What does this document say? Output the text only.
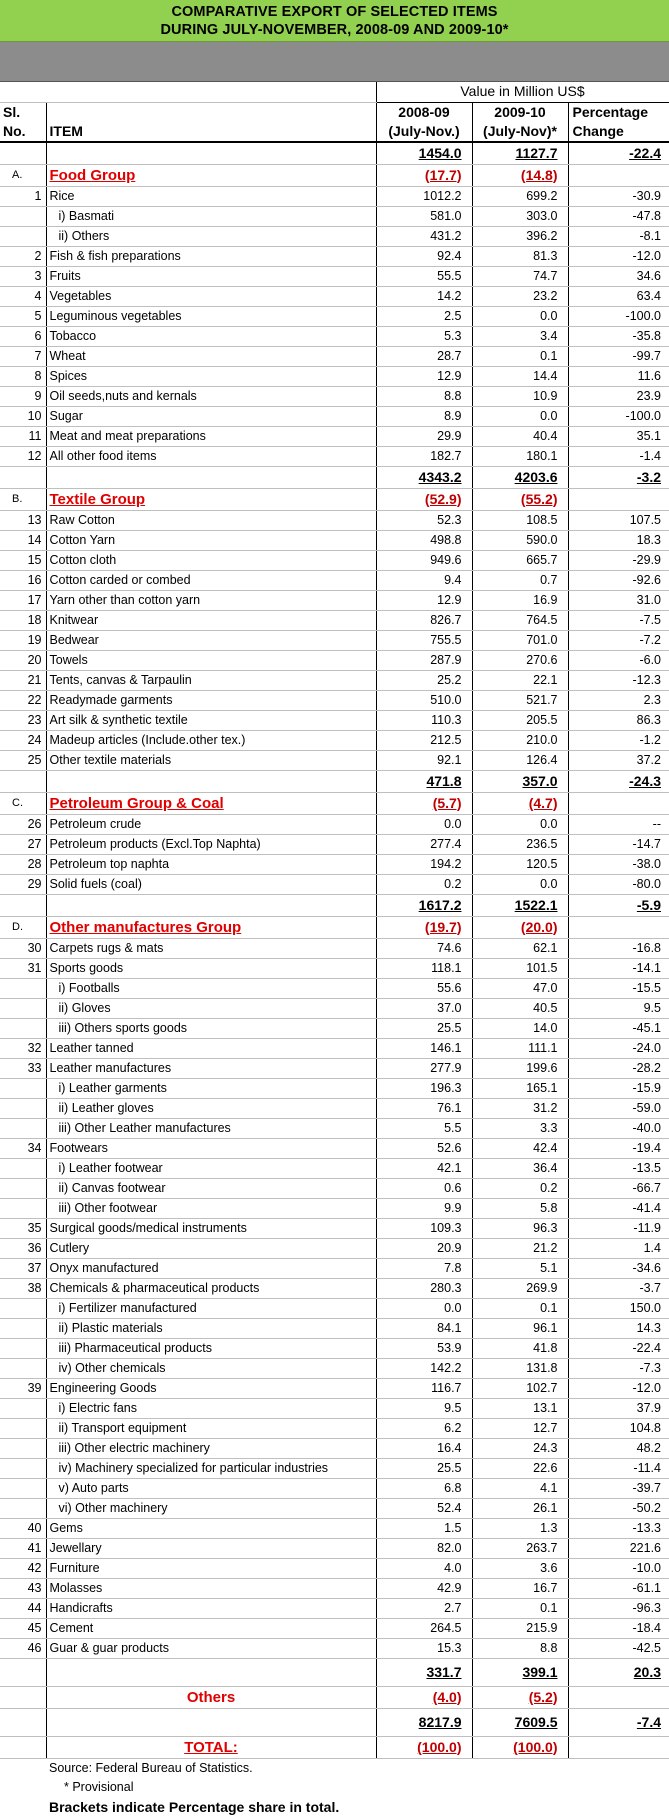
COMPARATIVE EXPORT OF SELECTED ITEMS
DURING JULY-NOVEMBER, 2008-09 AND 2009-10*
		Value in Million US$		
Sl.		2008-09	2009-10	Percentage
No.	ITEM	(July-Nov.)	(July-Nov)*	Change
		1454.0	1127.7	-22.4
A.	Food Group	(17.7)	(14.8)	
1	Rice	1012.2	699.2	-30.9
	i) Basmati	581.0	303.0	-47.8
	ii) Others	431.2	396.2	-8.1
2	Fish & fish preparations	92.4	81.3	-12.0
3	Fruits	55.5	74.7	34.6
4	Vegetables	14.2	23.2	63.4
5	Leguminous vegetables	2.5	0.0	-100.0
6	Tobacco	5.3	3.4	-35.8
7	Wheat	28.7	0.1	-99.7
8	Spices	12.9	14.4	11.6
9	Oil seeds,nuts and kernals	8.8	10.9	23.9
10	Sugar	8.9	0.0	-100.0
11	Meat and meat preparations	29.9	40.4	35.1
12	All other food items	182.7	180.1	-1.4
		4343.2	4203.6	-3.2
B.	Textile Group	(52.9)	(55.2)	
13	Raw Cotton	52.3	108.5	107.5
14	Cotton Yarn	498.8	590.0	18.3
15	Cotton cloth	949.6	665.7	-29.9
16	Cotton carded or combed	9.4	0.7	-92.6
17	Yarn other than cotton yarn	12.9	16.9	31.0
18	Knitwear	826.7	764.5	-7.5
19	Bedwear	755.5	701.0	-7.2
20	Towels	287.9	270.6	-6.0
21	Tents, canvas & Tarpaulin	25.2	22.1	-12.3
22	Readymade garments	510.0	521.7	2.3
23	Art silk & synthetic textile	110.3	205.5	86.3
24	Madeup articles (Include.other tex.)	212.5	210.0	-1.2
25	Other textile materials	92.1	126.4	37.2
		471.8	357.0	-24.3
C.	Petroleum Group & Coal	(5.7)	(4.7)	
26	Petroleum crude	0.0	0.0	--
27	Petroleum products (Excl.Top Naphta)	277.4	236.5	-14.7
28	Petroleum top naphta	194.2	120.5	-38.0
29	Solid fuels (coal)	0.2	0.0	-80.0
		1617.2	1522.1	-5.9
D.	Other manufactures Group	(19.7)	(20.0)	
30	Carpets rugs & mats	74.6	62.1	-16.8
31	Sports goods	118.1	101.5	-14.1
	i) Footballs	55.6	47.0	-15.5
	ii) Gloves	37.0	40.5	9.5
	iii) Others sports goods	25.5	14.0	-45.1
32	Leather tanned	146.1	111.1	-24.0
33	Leather manufactures	277.9	199.6	-28.2
	i) Leather garments	196.3	165.1	-15.9
	ii) Leather gloves	76.1	31.2	-59.0
	iii) Other Leather manufactures	5.5	3.3	-40.0
34	Footwears	52.6	42.4	-19.4
	i) Leather footwear	42.1	36.4	-13.5
	ii) Canvas footwear	0.6	0.2	-66.7
	iii) Other footwear	9.9	5.8	-41.4
35	Surgical goods/medical instruments	109.3	96.3	-11.9
36	Cutlery	20.9	21.2	1.4
37	Onyx manufactured	7.8	5.1	-34.6
38	Chemicals & pharmaceutical products	280.3	269.9	-3.7
	i) Fertilizer manufactured	0.0	0.1	150.0
	ii) Plastic materials	84.1	96.1	14.3
	iii) Pharmaceutical products	53.9	41.8	-22.4
	iv) Other chemicals	142.2	131.8	-7.3
39	Engineering Goods	116.7	102.7	-12.0
	i) Electric fans	9.5	13.1	37.9
	ii) Transport equipment	6.2	12.7	104.8
	iii) Other electric machinery	16.4	24.3	48.2
	iv) Machinery specialized for particular industries	25.5	22.6	-11.4
	v) Auto parts	6.8	4.1	-39.7
	vi) Other machinery	52.4	26.1	-50.2
40	Gems	1.5	1.3	-13.3
41	Jewellary	82.0	263.7	221.6
42	Furniture	4.0	3.6	-10.0
43	Molasses	42.9	16.7	-61.1
44	Handicrafts	2.7	0.1	-96.3
45	Cement	264.5	215.9	-18.4
46	Guar & guar products	15.3	8.8	-42.5
		331.7	399.1	20.3
	Others	(4.0)	(5.2)	
		8217.9	7609.5	-7.4
	TOTAL:	(100.0)	(100.0)	
	Source: Federal Bureau of Statistics.			
	* Provisional			
	Brackets indicate Percentage share in total.			
